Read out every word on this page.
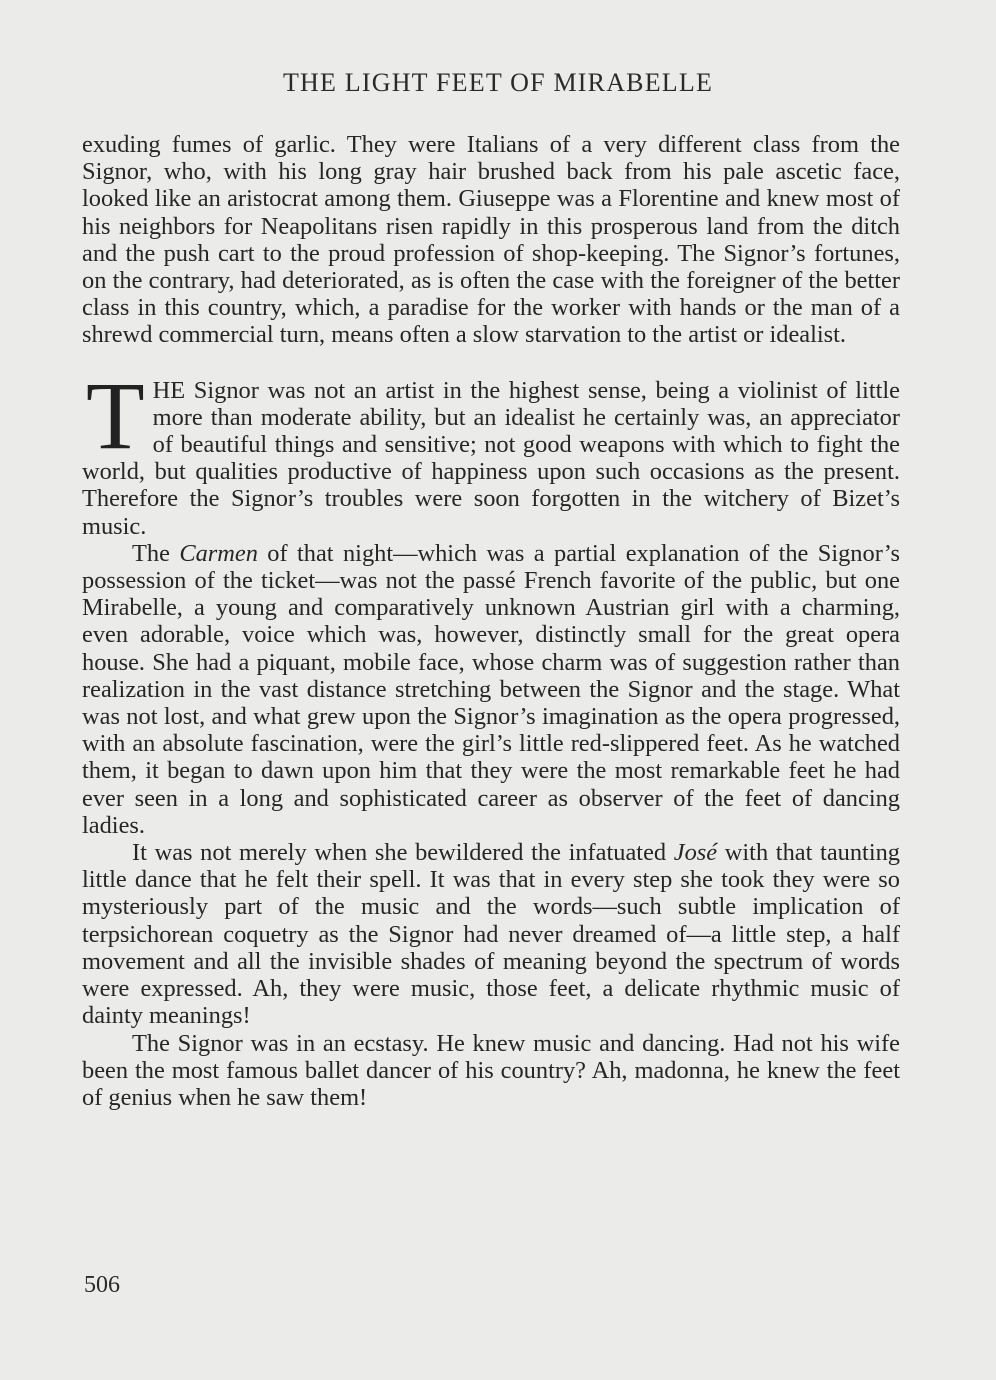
THE LIGHT FEET OF MIRABELLE

exuding fumes of garlic. They were Italians of a very different class from the Signor, who, with his long gray hair brushed back from his pale ascetic face, looked like an aristocrat among them. Giuseppe was a Florentine and knew most of his neighbors for Neapolitans risen rapidly in this prosperous land from the ditch and the push cart to the proud profession of shop-keeping. The Signor’s fortunes, on the contrary, had deteriorated, as is often the case with the foreigner of the better class in this country, which, a paradise for the worker with hands or the man of a shrewd commercial turn, means often a slow starvation to the artist or idealist.

THE Signor was not an artist in the highest sense, being a violinist of little more than moderate ability, but an idealist he certainly was, an appreciator of beautiful things and sensitive; not good weapons with which to fight the world, but qualities productive of happiness upon such occasions as the present. Therefore the Signor’s troubles were soon forgotten in the witchery of Bizet’s music.

The Carmen of that night—which was a partial explanation of the Signor’s possession of the ticket—was not the passé French favorite of the public, but one Mirabelle, a young and comparatively unknown Austrian girl with a charming, even adorable, voice which was, however, distinctly small for the great opera house. She had a piquant, mobile face, whose charm was of suggestion rather than realization in the vast distance stretching between the Signor and the stage. What was not lost, and what grew upon the Signor’s imagination as the opera progressed, with an absolute fascination, were the girl’s little red-slippered feet. As he watched them, it began to dawn upon him that they were the most remarkable feet he had ever seen in a long and sophisticated career as observer of the feet of dancing ladies.

It was not merely when she bewildered the infatuated José with that taunting little dance that he felt their spell. It was that in every step she took they were so mysteriously part of the music and the words—such subtle implication of terpsichorean coquetry as the Signor had never dreamed of—a little step, a half movement and all the invisible shades of meaning beyond the spectrum of words were expressed. Ah, they were music, those feet, a delicate rhythmic music of dainty meanings!

The Signor was in an ecstasy. He knew music and dancing. Had not his wife been the most famous ballet dancer of his country? Ah, madonna, he knew the feet of genius when he saw them!

506
